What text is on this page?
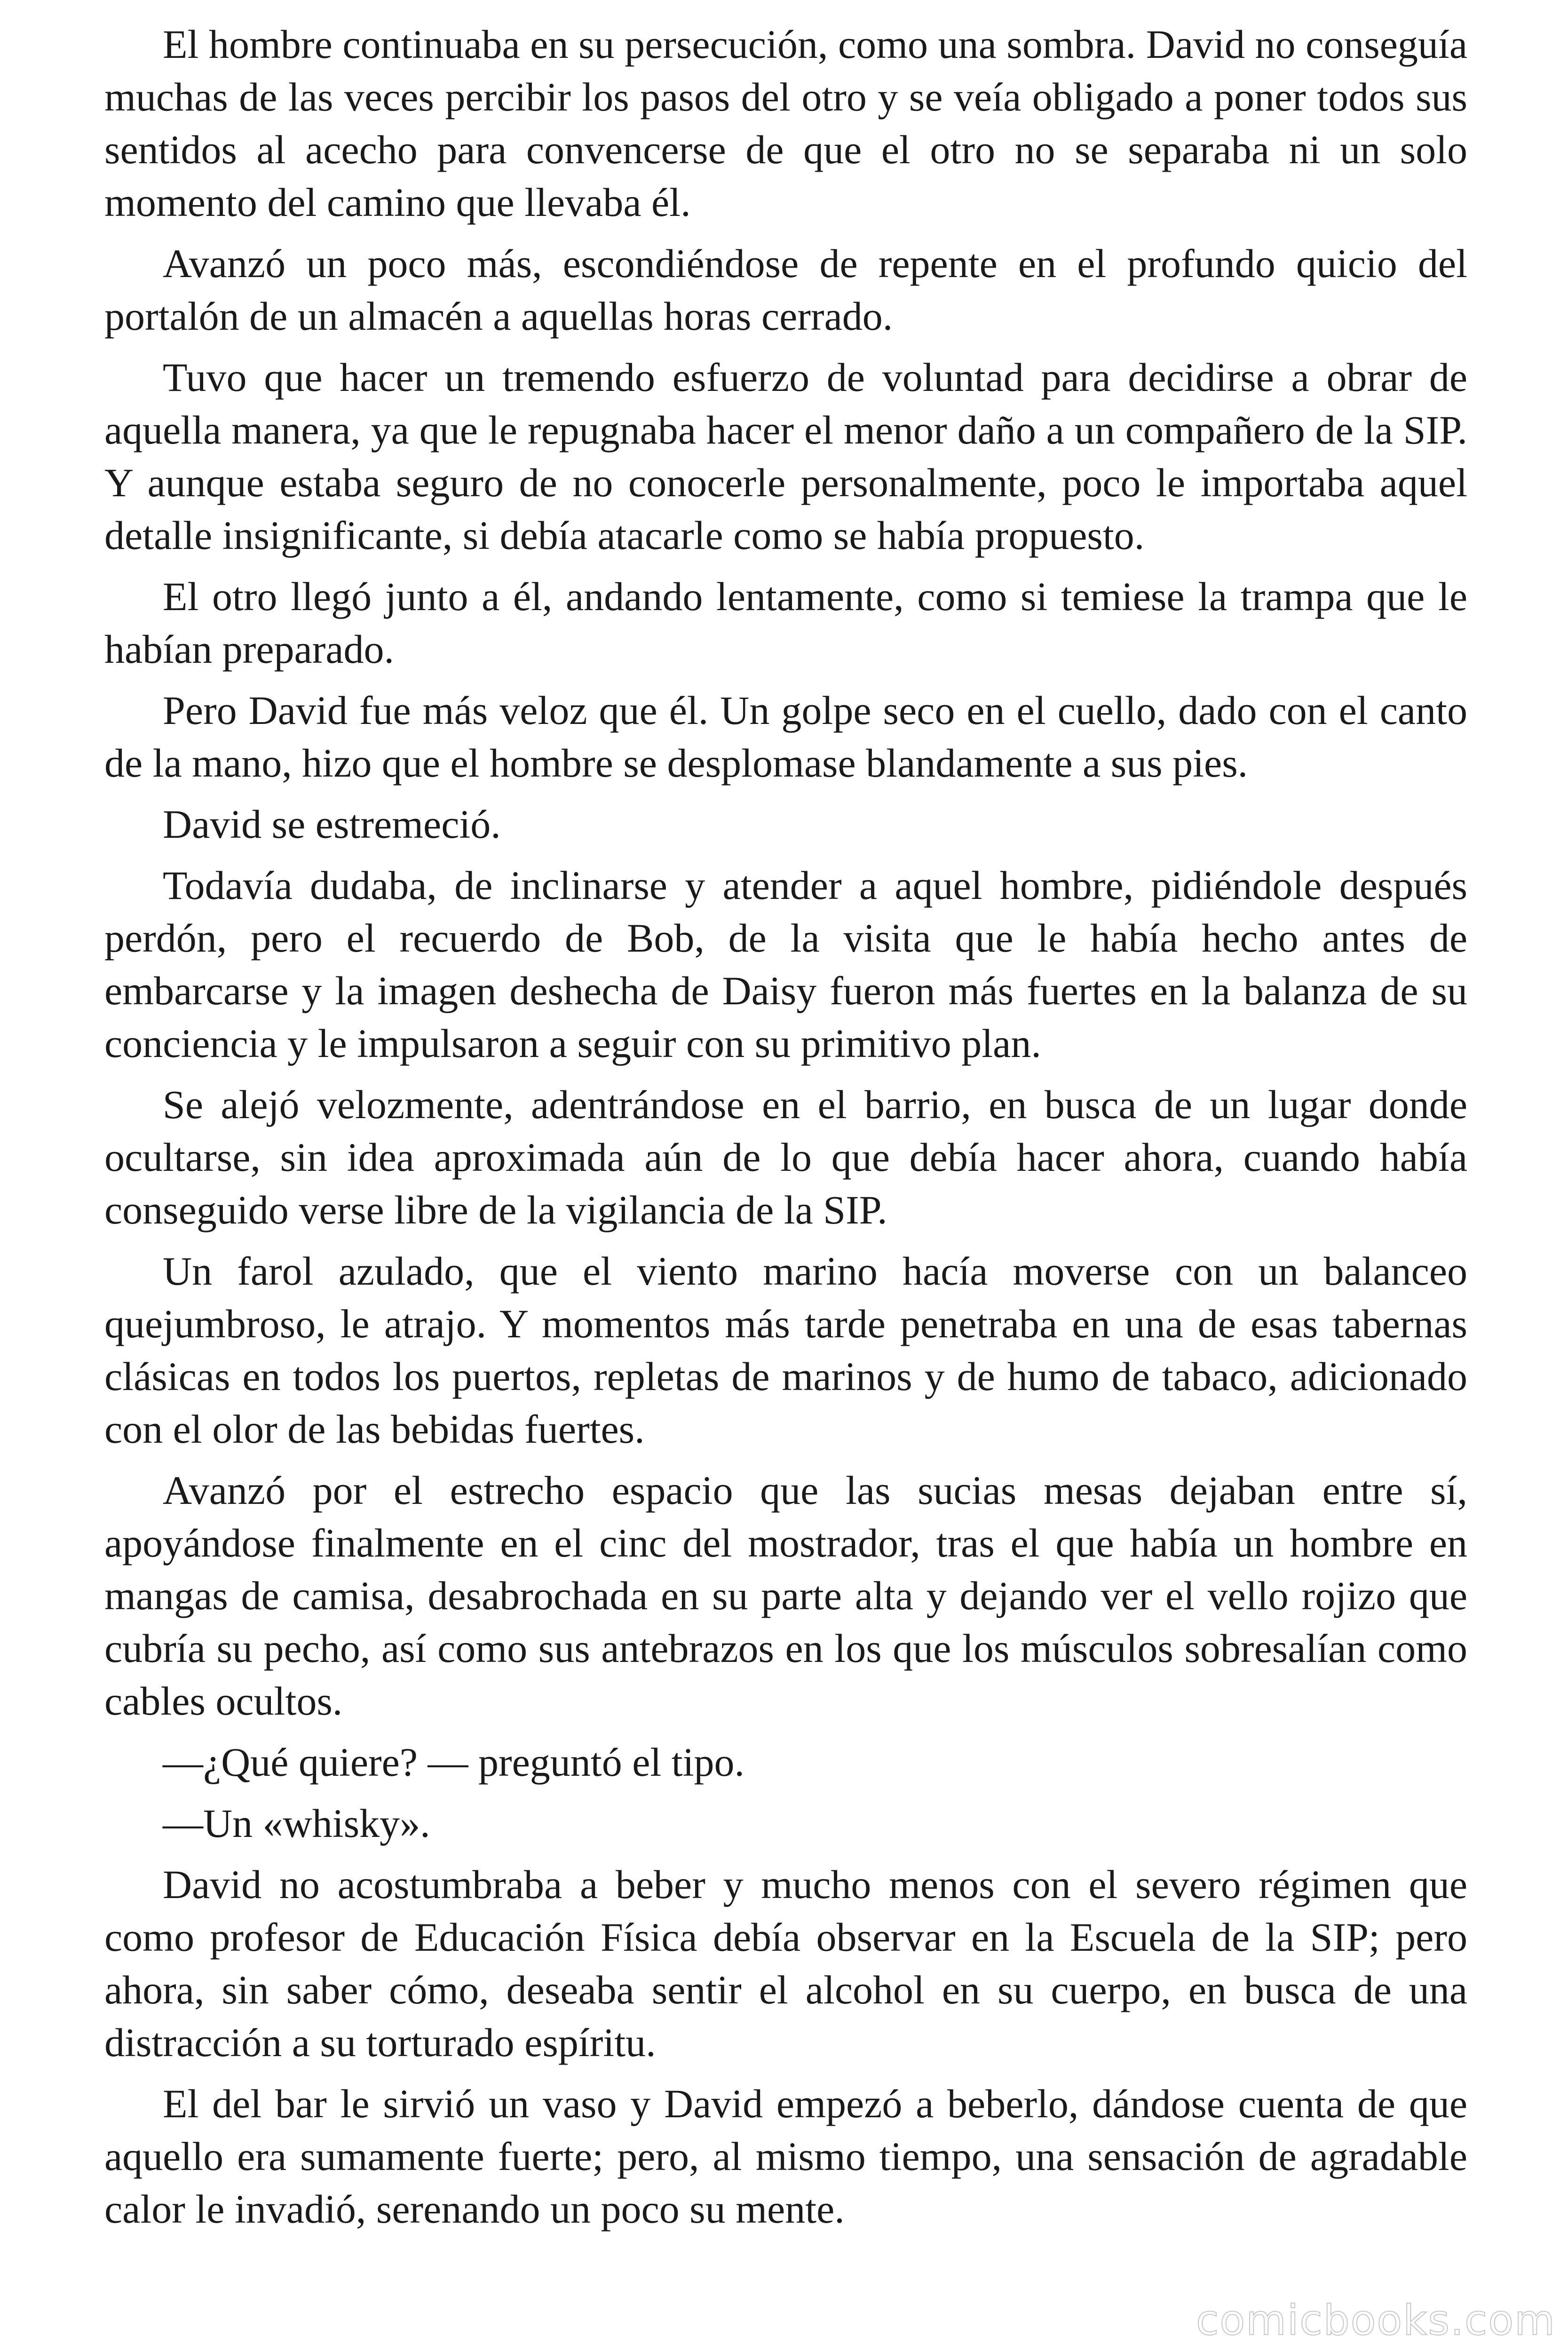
El hombre continuaba en su persecución, como una sombra. David no conseguía muchas de las veces percibir los pasos del otro y se veía obligado a poner todos sus sentidos al acecho para convencerse de que el otro no se separaba ni un solo momento del camino que llevaba él.

Avanzó un poco más, escondiéndose de repente en el profundo quicio del portalón de un almacén a aquellas horas cerrado.

Tuvo que hacer un tremendo esfuerzo de voluntad para decidirse a obrar de aquella manera, ya que le repugnaba hacer el menor daño a un compañero de la SIP. Y aunque estaba seguro de no conocerle personalmente, poco le importaba aquel detalle insignificante, si debía atacarle como se había propuesto.

El otro llegó junto a él, andando lentamente, como si temiese la trampa que le habían preparado.

Pero David fue más veloz que él. Un golpe seco en el cuello, dado con el canto de la mano, hizo que el hombre se desplomase blandamente a sus pies.

David se estremeció.

Todavía dudaba, de inclinarse y atender a aquel hombre, pidiéndole después perdón, pero el recuerdo de Bob, de la visita que le había hecho antes de embarcarse y la imagen deshecha de Daisy fueron más fuertes en la balanza de su conciencia y le impulsaron a seguir con su primitivo plan.

Se alejó velozmente, adentrándose en el barrio, en busca de un lugar donde ocultarse, sin idea aproximada aún de lo que debía hacer ahora, cuando había conseguido verse libre de la vigilancia de la SIP.

Un farol azulado, que el viento marino hacía moverse con un balanceo quejumbroso, le atrajo. Y momentos más tarde penetraba en una de esas tabernas clásicas en todos los puertos, repletas de marinos y de humo de tabaco, adicionado con el olor de las bebidas fuertes.

Avanzó por el estrecho espacio que las sucias mesas dejaban entre sí, apoyándose finalmente en el cinc del mostrador, tras el que había un hombre en mangas de camisa, desabrochada en su parte alta y dejando ver el vello rojizo que cubría su pecho, así como sus antebrazos en los que los músculos sobresalían como cables ocultos.

—¿Qué quiere? — preguntó el tipo.

—Un «whisky».

David no acostumbraba a beber y mucho menos con el severo régimen que como profesor de Educación Física debía observar en la Escuela de la SIP; pero ahora, sin saber cómo, deseaba sentir el alcohol en su cuerpo, en busca de una distracción a su torturado espíritu.

El del bar le sirvió un vaso y David empezó a beberlo, dándose cuenta de que aquello era sumamente fuerte; pero, al mismo tiempo, una sensación de agradable calor le invadió, serenando un poco su mente.

comicbooks.com
